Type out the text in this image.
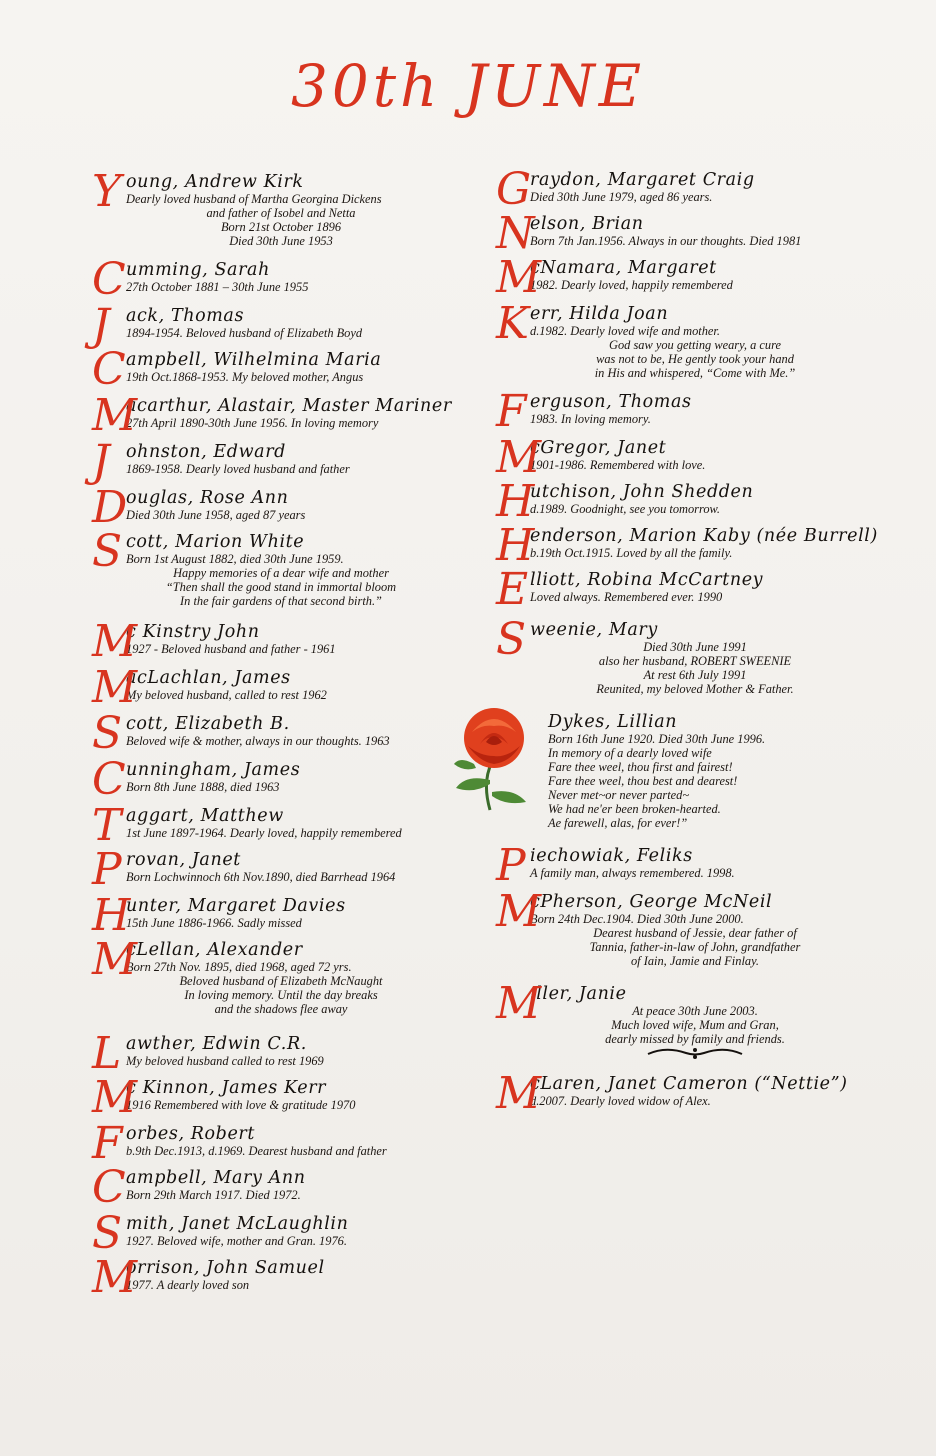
30th JUNE
Y oung, Andrew Kirk
Dearly loved husband of Martha Georgina Dickens
and father of Isobel and Netta
Born 21st October 1896
Died 30th June 1953
C umming, Sarah
27th October 1881 – 30th June 1955
J ack, Thomas
1894-1954. Beloved husband of Elizabeth Boyd
C ampbell, Wilhelmina Maria
19th Oct.1868-1953. My beloved mother, Angus
M
acarthur, Alastair, Master Mariner
27th April 1890-30th June 1956. In loving memory
J ohnston, Edward
1869-1958. Dearly loved husband and father
D
ouglas, Rose Ann
Died 30th June 1958, aged 87 years
S cott, Marion White
Born 1st August 1882, died 30th June 1959.
Happy memories of a dear wife and mother
“Then shall the good stand in immortal bloom
In the fair gardens of that second birth.”
M
c Kinstry John
1927 - Beloved husband and father - 1961
M
acLachlan, James
My beloved husband, called to rest 1962
S cott, Elizabeth B.
Beloved wife & mother, always in our thoughts. 1963
C unningham, James
Born 8th June 1888, died 1963
T aggart, Matthew
1st June 1897-1964. Dearly loved, happily remembered
P rovan, Janet
Born Lochwinnoch 6th Nov.1890, died Barrhead 1964
H
unter, Margaret Davies
15th June 1886-1966. Sadly missed
M
cLellan, Alexander
Born 27th Nov. 1895, died 1968, aged 72 yrs.
Beloved husband of Elizabeth McNaught
In loving memory. Until the day breaks
and the shadows flee away
L awther, Edwin C.R.
My beloved husband called to rest 1969
M
c Kinnon, James Kerr
1916 Remembered with love & gratitude 1970
F orbes, Robert
b.9th Dec.1913, d.1969. Dearest husband and father
C ampbell, Mary Ann
Born 29th March 1917. Died 1972.
S mith, Janet McLaughlin
1927. Beloved wife, mother and Gran. 1976.
M
orrison, John Samuel
1977. A dearly loved son
G
raydon, Margaret Craig
Died 30th June 1979, aged 86 years.
N
elson, Brian
Born 7th Jan.1956. Always in our thoughts. Died 1981
M
cNamara, Margaret
1982. Dearly loved, happily remembered
K err, Hilda Joan
d.1982. Dearly loved wife and mother.
God saw you getting weary, a cure
was not to be, He gently took your hand
in His and whispered, “Come with Me.”
F erguson, Thomas
1983. In loving memory.
M
cGregor, Janet
1901-1986. Remembered with love.
H
utchison, John Shedden
d.1989. Goodnight, see you tomorrow.
H
enderson, Marion Kaby (née Burrell)
b.19th Oct.1915. Loved by all the family.
E lliott, Robina McCartney
Loved always. Remembered ever. 1990
S weenie, Mary
Died 30th June 1991
also her husband, ROBERT SWEENIE
At rest 6th July 1991
Reunited, my beloved Mother & Father.
Dykes, Lillian
Born 16th June 1920. Died 30th June 1996.
In memory of a dearly loved wife
Fare thee weel, thou first and fairest!
Fare thee weel, thou best and dearest!
Never met~or never parted~
We had ne'er been broken-hearted.
Ae farewell, alas, for ever!”
P iechowiak, Feliks
A family man, always remembered. 1998.
M
cPherson, George McNeil
Born 24th Dec.1904. Died 30th June 2000.
Dearest husband of Jessie, dear father of
Tannia, father-in-law of John, grandfather
of Iain, Jamie and Finlay.
M
iller, Janie
At peace 30th June 2003.
Much loved wife, Mum and Gran,
dearly missed by family and friends.
M
cLaren, Janet Cameron (“Nettie”)
d.2007. Dearly loved widow of Alex.
